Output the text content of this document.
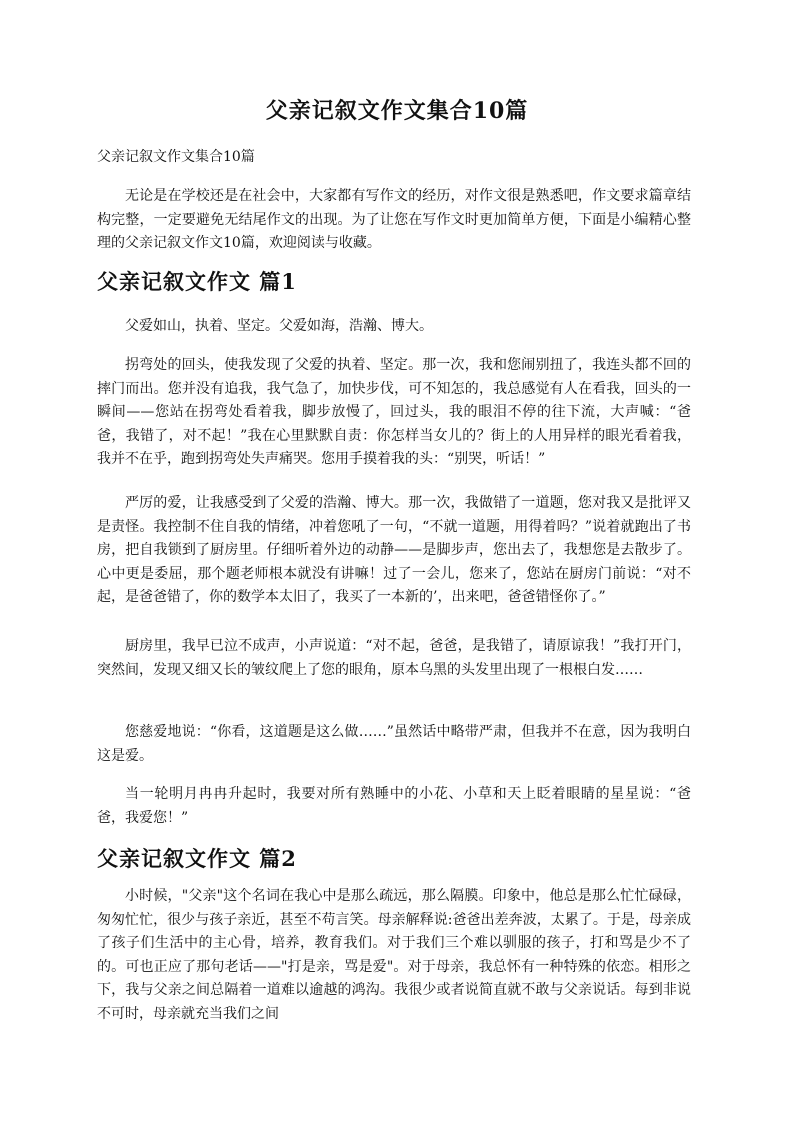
父亲记叙文作文集合10篇
父亲记叙文作文集合10篇

无论是在学校还是在社会中，大家都有写作文的经历，对作文很是熟悉吧，作文要求篇章结构完整，一定要避免无结尾作文的出现。为了让您在写作文时更加简单方便，下面是小编精心整理的父亲记叙文作文10篇，欢迎阅读与收藏。

父亲记叙文作文 篇1

父爱如山，执着、坚定。父爱如海，浩瀚、博大。

拐弯处的回头，使我发现了父爱的执着、坚定。那一次，我和您闹别扭了，我连头都不回的摔门而出。您并没有追我，我气急了，加快步伐，可不知怎的，我总感觉有人在看我，回头的一瞬间——您站在拐弯处看着我，脚步放慢了，回过头，我的眼泪不停的往下流，大声喊：“爸爸，我错了，对不起！”我在心里默默自责：你怎样当女儿的？街上的人用异样的眼光看着我，我并不在乎，跑到拐弯处失声痛哭。您用手摸着我的头：“别哭，听话！”

严厉的爱，让我感受到了父爱的浩瀚、博大。那一次，我做错了一道题，您对我又是批评又是责怪。我控制不住自我的情绪，冲着您吼了一句，“不就一道题，用得着吗？”说着就跑出了书房，把自我锁到了厨房里。仔细听着外边的动静——是脚步声，您出去了，我想您是去散步了。心中更是委屈，那个题老师根本就没有讲嘛！过了一会儿，您来了，您站在厨房门前说：“对不起，是爸爸错了，你的数学本太旧了，我买了一本新的’，出来吧，爸爸错怪你了。”

厨房里，我早已泣不成声，小声说道：“对不起，爸爸，是我错了，请原谅我！”我打开门，突然间，发现又细又长的皱纹爬上了您的眼角，原本乌黑的头发里出现了一根根白发……

您慈爱地说：“你看，这道题是这么做……”虽然话中略带严肃，但我并不在意，因为我明白这是爱。

当一轮明月冉冉升起时，我要对所有熟睡中的小花、小草和天上眨着眼睛的星星说：“爸爸，我爱您！”

父亲记叙文作文 篇2

小时候，"父亲"这个名词在我心中是那么疏远，那么隔膜。印象中，他总是那么忙忙碌碌，匆匆忙忙，很少与孩子亲近，甚至不苟言笑。母亲解释说:爸爸出差奔波，太累了。于是，母亲成了孩子们生活中的主心骨，培养，教育我们。对于我们三个难以驯服的孩子，打和骂是少不了的。可也正应了那句老话——"打是亲，骂是爱"。对于母亲，我总怀有一种特殊的依恋。相形之下，我与父亲之间总隔着一道难以逾越的鸿沟。我很少或者说简直就不敢与父亲说话。每到非说不可时，母亲就充当我们之间
